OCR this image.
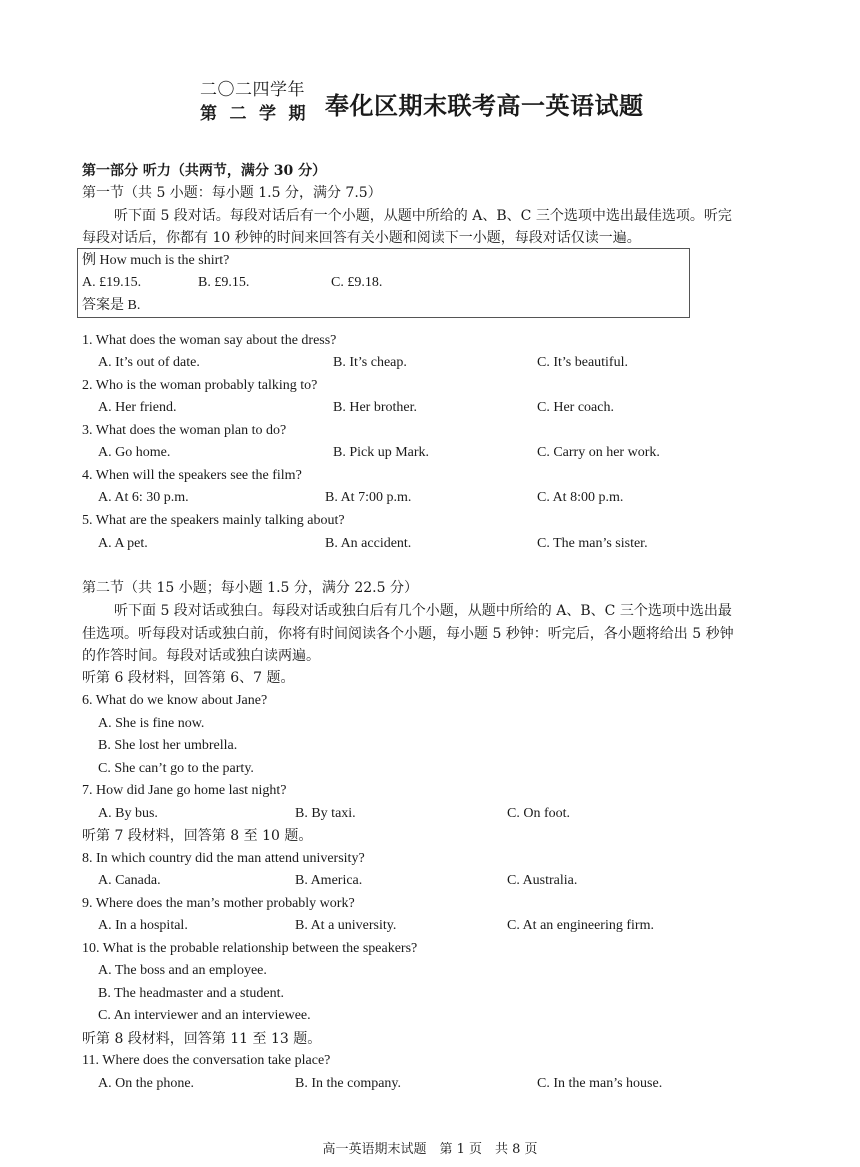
二〇二四学年
第二学期 奉化区期末联考高一英语试题
第一部分 听力（共两节，满分 30 分）
第一节（共 5 小题：每小题 1.5 分，满分 7.5）
听下面 5 段对话。每段对话后有一个小题，从题中所给的 A、B、C 三个选项中选出最佳选项。听完
每段对话后，你都有 10 秒钟的时间来回答有关小题和阅读下一小题，每段对话仅读一遍。
例 How much is the shirt?
A. £19.15.	B. £9.15.	C. £9.18.
答案是 B.
1. What does the woman say about the dress?
A. It’s out of date.	B. It’s cheap.	C. It’s beautiful.
2. Who is the woman probably talking to?
A. Her friend.	B. Her brother.	C. Her coach.
3. What does the woman plan to do?
A. Go home.	B. Pick up Mark.	C. Carry on her work.
4. When will the speakers see the film?
A. At 6: 30 p.m.	B. At 7:00 p.m.	C. At 8:00 p.m.
5. What are the speakers mainly talking about?
A. A pet.	B. An accident.	C. The man’s sister.
第二节（共 15 小题；每小题 1.5 分，满分 22.5 分）
听下面 5 段对话或独白。每段对话或独白后有几个小题，从题中所给的 A、B、C 三个选项中选出最
佳选项。听每段对话或独白前，你将有时间阅读各个小题，每小题 5 秒钟：听完后，各小题将给出 5 秒钟
的作答时间。每段对话或独白读两遍。
听第 6 段材料，回答第 6、7 题。
6. What do we know about Jane?
A. She is fine now.
B. She lost her umbrella.
C. She can’t go to the party.
7. How did Jane go home last night?
A. By bus.	B. By taxi.	C. On foot.
听第 7 段材料，回答第 8 至 10 题。
8. In which country did the man attend university?
A. Canada.	B. America.	C. Australia.
9. Where does the man’s mother probably work?
A. In a hospital.	B. At a university.	C. At an engineering firm.
10. What is the probable relationship between the speakers?
A. The boss and an employee.
B. The headmaster and a student.
C. An interviewer and an interviewee.
听第 8 段材料，回答第 11 至 13 题。
11. Where does the conversation take place?
A. On the phone.	B. In the company.	C. In the man’s house.
高一英语期末试题　第 1 页　共 8 页
